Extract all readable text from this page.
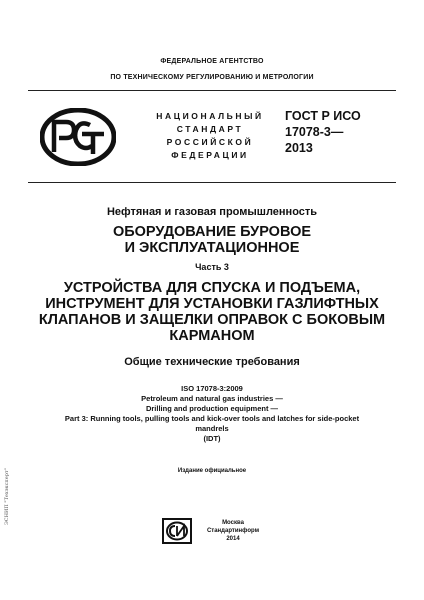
ФЕДЕРАЛЬНОЕ АГЕНТСТВО
ПО ТЕХНИЧЕСКОМУ РЕГУЛИРОВАНИЮ И МЕТРОЛОГИИ
НАЦИОНАЛЬНЫЙ
СТАНДАРТ
РОССИЙСКОЙ
ФЕДЕРАЦИИ
ГОСТ Р ИСО
17078-3—
2013
Нефтяная и газовая промышленность
ОБОРУДОВАНИЕ БУРОВОЕ
И ЭКСПЛУАТАЦИОННОЕ
Часть 3
УСТРОЙСТВА ДЛЯ СПУСКА И ПОДЪЕМА,
ИНСТРУМЕНТ ДЛЯ УСТАНОВКИ ГАЗЛИФТНЫХ
КЛАПАНОВ И ЗАЩЕЛКИ ОПРАВОК С БОКОВЫМ
КАРМАНОМ
Общие технические требования
ISO 17078-3:2009
Petroleum and natural gas industries —
Drilling and production equipment —
Part 3: Running tools, pulling tools and kick-over tools and latches for side-pocket
mandrels
(IDT)
Издание официальное
Москва
Стандартинформ
2014
ЭСНИП "Техэксперт"
